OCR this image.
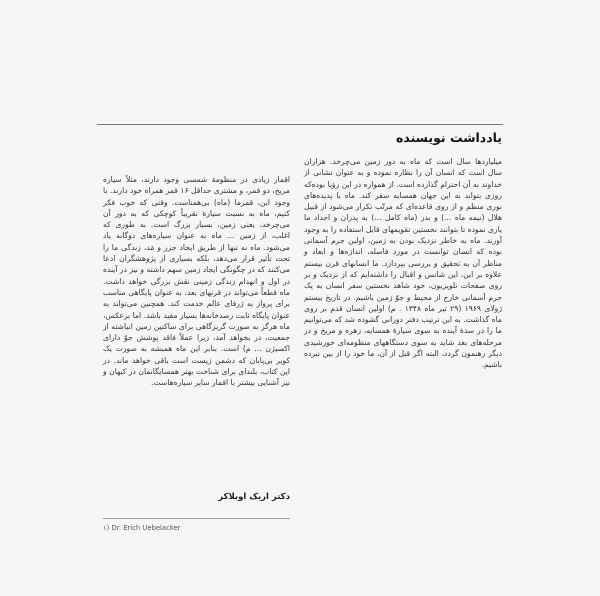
یادداشت نویسنده

میلیاردها سال است که ماه به دور زمین می‌چرخد. هزاران سال است که انسان آن را نظاره نموده و به عنوان نشانی از خداوند به آن احترام گذارده است. از همواره در این رؤیا بوده‌که روزی بتواند به این جهان همسایه سفر کند. ماه با پدیده‌های نوری منظم و از روی قاعده‌ای که مرتّب تکرار می‌شود از قبیل هلال (نیمه ماه ...) و بدر (ماه کامل ...) به پدران و اجداد ما یاری نموده تا بتوانند نخستین تقویمهای قابل استفاده را به وجود آورند. ماه به خاطر نزدیک بودن به زمین، اولین جرم آسمانی بوده که انسان توانست در مورد فاصله، اندازه‌ها و ابعاد و مناظر آن به تحقیق و بررسی بپردازد. ما انسانهای قرن بیستم علاوه بر این، این شانس و اقبال را داشته‌ایم که از نزدیک و بر روی صفحات تلویزیون، خود شاهد نخستین سفر انسان به یک جرم آسمانی خارج از محیط و جوّ زمین باشیم. در تاریخ بیستم ژولای ۱۹۶۹ (۲۹ تیر ماه ۱۳۴۸ . م) اولین انسان قدم بر روی ماه گذاشت. به این ترتیب دفتر دورانی گشوده شد که می‌توانیم ما را در سدهٔ آینده به سوی سیارهٔ همسایه، زهره و مریخ و در مرحله‌های بعد شاید به سوی دستگاههای منظومه‌ای خورشیدی دیگر رهنمون گردد، البته اگر قبل از آن، ما خود را از بین نبرده باشیم.

اقمار زیادی در منظومهٔ شمسی وجود دارند، مثلاً سیاره مریخ، دو قمر، و مشتری حداقل ۱۶ قمر همراه خود دارند. با وجود این، قمرما (ماه) بی‌همتاست. وقتی که خوب فکر کنیم، ماه به نسبت سیارهٔ تقریباً کوچکی که به دور آن می‌چرخد، یعنی زمین، بسیار بزرگ است. به طوری که اغلب، از زمین ... ماه به عنوان سیاره‌های دوگانه یاد می‌شود. ماه نه تنها از طریق ایجاد جزر و مَد، زندگی ما را تحت تأثیر قرار می‌دهد، بلکه بسیاری از پژوهشگران ادعا می‌کنند که در چگونگی ایجاد زمین سهم داشته و نیز در آینده در اول و انهدام زندگی زمینی نقش بزرگی خواهد داشت. ماه قطعاً می‌تواند در قرنهای بعد، به عنوان پایگاهی مناسب برای پرواز به ژرفای عالم خدمت کند. همچنین می‌تواند به عنوان پایگاه ثابت رصدخانه‌ها بسیار مفید باشد. اما برعکس، ماه هرگز به صورت گریزگاهی برای ساکنین زمین انباشته از جمعیت، در بخواهد آمد، زیرا عملاً فاقد پوشش جوّ دارای اکسیژن ... م) است. بنابر این ماه همیشه به صورت یک کویر بی‌پایان که دشمن زیست است باقی خواهد ماند. در این کتاب، بلندای برای شناخت بهتر همسایگانمان در کیهان و نیز آشنایی بیشتر با اقمار سایر سیاره‌هاست.

دکتر اریک اوبلاکر
۱) Dr. Erich Uebelacker
